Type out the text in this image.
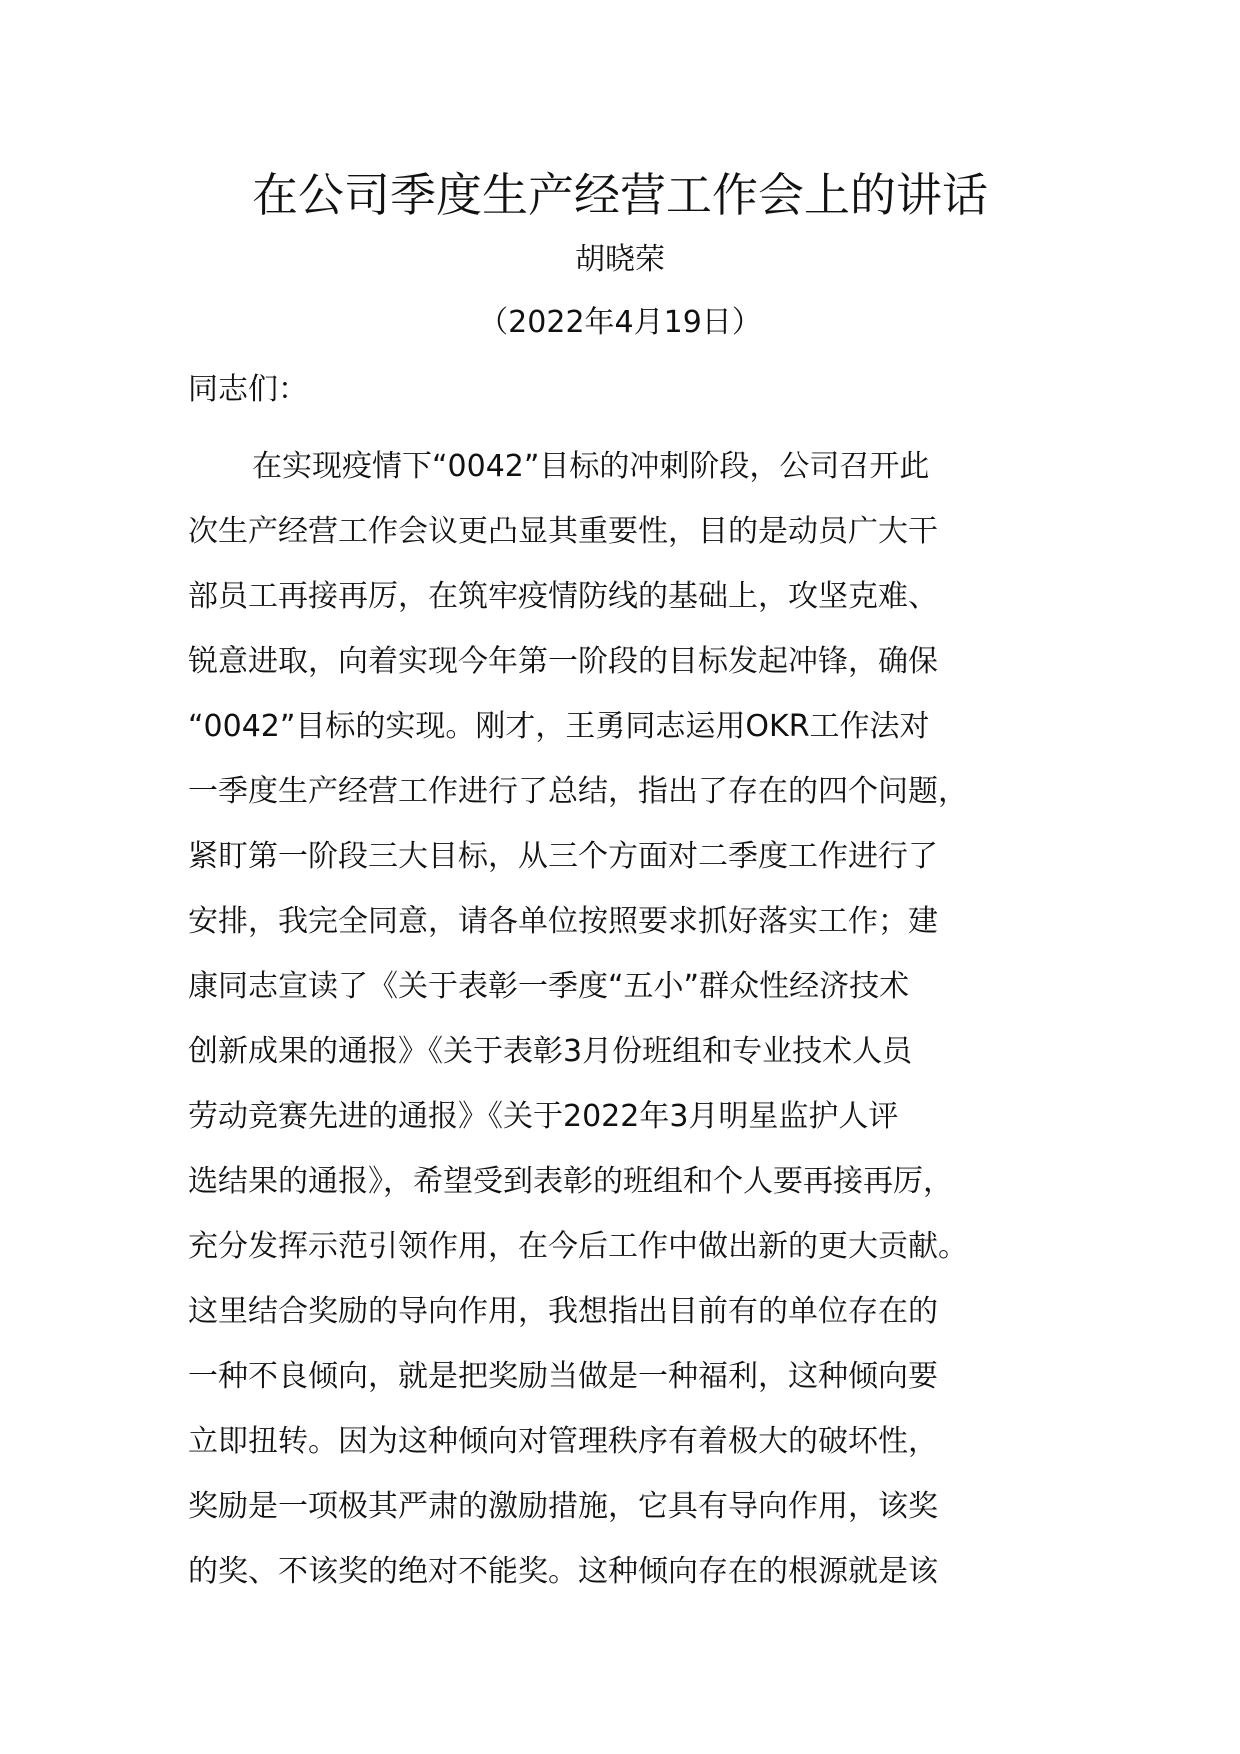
在公司季度生产经营工作会上的讲话
胡晓荣
（2022年4月19日）
同志们：
在实现疫情下“0042”目标的冲刺阶段，公司召开此
次生产经营工作会议更凸显其重要性，目的是动员广大干
部员工再接再厉，在筑牢疫情防线的基础上，攻坚克难、
锐意进取，向着实现今年第一阶段的目标发起冲锋，确保
“0042”目标的实现。刚才，王勇同志运用OKR工作法对
一季度生产经营工作进行了总结，指出了存在的四个问题，
紧盯第一阶段三大目标，从三个方面对二季度工作进行了
安排，我完全同意，请各单位按照要求抓好落实工作；建
康同志宣读了《关于表彰一季度“五小”群众性经济技术
创新成果的通报》《关于表彰3月份班组和专业技术人员
劳动竞赛先进的通报》《关于2022年3月明星监护人评
选结果的通报》，希望受到表彰的班组和个人要再接再厉，
充分发挥示范引领作用，在今后工作中做出新的更大贡献。
这里结合奖励的导向作用，我想指出目前有的单位存在的
一种不良倾向，就是把奖励当做是一种福利，这种倾向要
立即扭转。因为这种倾向对管理秩序有着极大的破坏性，
奖励是一项极其严肃的激励措施，它具有导向作用，该奖
的奖、不该奖的绝对不能奖。这种倾向存在的根源就是该
